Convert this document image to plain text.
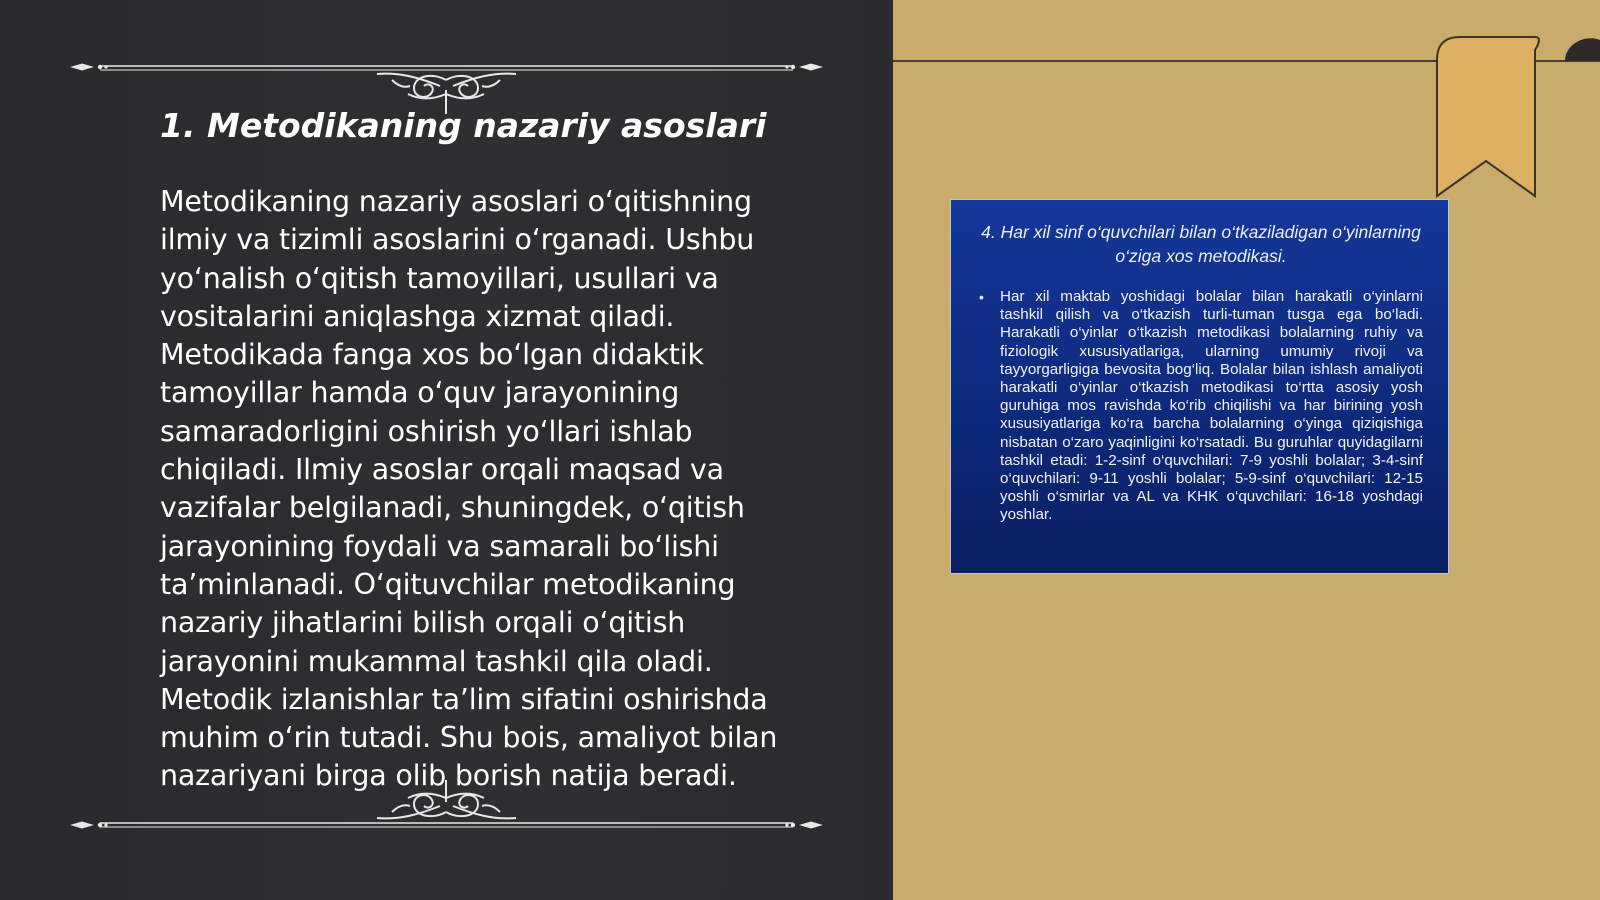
1. Metodikaning nazariy asoslari

Metodikaning nazariy asoslari o‘qitishning ilmiy va tizimli asoslarini o‘rganadi. Ushbu yo‘nalish o‘qitish tamoyillari, usullari va vositalarini aniqlashga xizmat qiladi. Metodikada fanga xos bo‘lgan didaktik tamoyillar hamda o‘quv jarayonining samaradorligini oshirish yo‘llari ishlab chiqiladi. Ilmiy asoslar orqali maqsad va vazifalar belgilanadi, shuningdek, o‘qitish jarayonining foydali va samarali bo‘lishi ta’minlanadi. O‘qituvchilar metodikaning nazariy jihatlarini bilish orqali o‘qitish jarayonini mukammal tashkil qila oladi. Metodik izlanishlar ta’lim sifatini oshirishda muhim o‘rin tutadi. Shu bois, amaliyot bilan nazariyani birga olib borish natija beradi.

4. Har xil sinf o‘quvchilari bilan o‘tkaziladigan o‘yinlarning o‘ziga xos metodikasi.

• Har xil maktab yoshidagi bolalar bilan harakatli o‘yinlarni tashkil qilish va o‘tkazish turli-tuman tusga ega bo‘ladi. Harakatli o‘yinlar o‘tkazish metodikasi bolalarning ruhiy va fiziologik xususiyatlariga, ularning umumiy rivoji va tayyorgarligiga bevosita bog‘liq. Bolalar bilan ishlash amaliyoti harakatli o‘yinlar o‘tkazish metodikasi to‘rtta asosiy yosh guruhiga mos ravishda ko‘rib chiqilishi va har birining yosh xususiyatlariga ko‘ra barcha bolalarning o‘yinga qiziqishiga nisbatan o‘zaro yaqinligini ko‘rsatadi. Bu guruhlar quyidagilarni tashkil etadi: 1-2-sinf o‘quvchilari: 7-9 yoshli bolalar; 3-4-sinf o‘quvchilari: 9-11 yoshli bolalar; 5-9-sinf o‘quvchilari: 12-15 yoshli o‘smirlar va AL va KHK o‘quvchilari: 16-18 yoshdagi yoshlar.
